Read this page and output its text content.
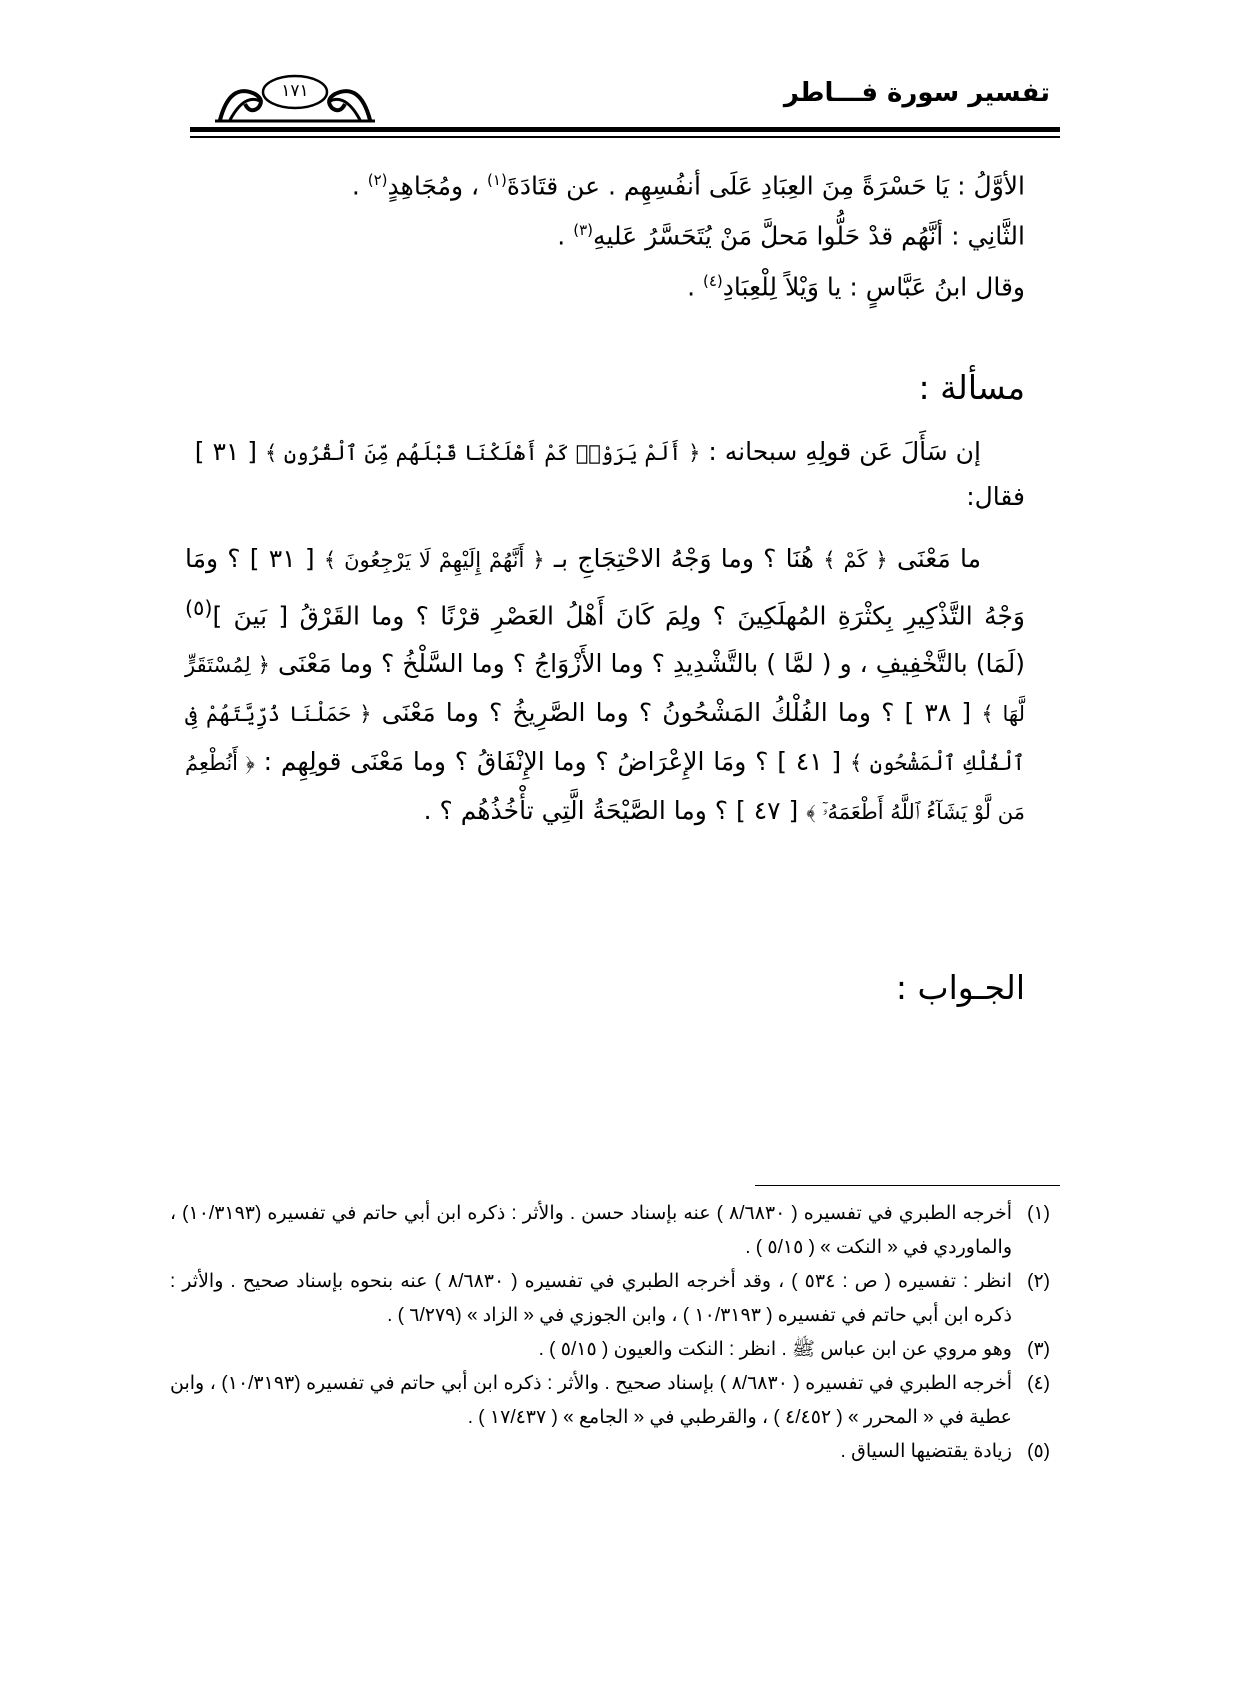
تفسير سورة فـــاطر
١٧١
الأوَّلُ : يَا حَسْرَةً مِنَ العِبَادِ عَلَى أنفُسِهِم . عن قتَادَةَ$^{(١)}$ ، ومُجَاهِدٍ$^{(٢)}$ .
الثَّانِي : أنَّهُم قدْ حَلُّوا مَحلَّ مَنْ يُتَحَسَّرُ عَليهِ$^{(٣)}$ .
وقال ابنُ عَبَّاسٍ : يا وَيْلاً لِلْعِبَادِ$^{(٤)}$ .
مسألة :
إن سَأَلَ عَن قولِهِ سبحانه : ﴿ أَلَمْ يَرَوْا۟ كَمْ أَهْلَكْنَا قَبْلَهُم مِّنَ ٱلْقُرُونِ ﴾ [ ٣١ ]
فقال:
ما مَعْنَى ﴿ كَمْ ﴾ هُنَا ؟ وما وَجْهُ الاحْتِجَاجِ بـ ﴿ أَنَّهُمْ إِلَيْهِمْ لَا يَرْجِعُونَ ﴾ [ ٣١ ] ؟ ومَا وَجْهُ التَّذْكِيرِ بِكثْرَةِ المُهلَكِينَ ؟ ولِمَ كَانَ أَهْلُ العَصْرِ قرْنًا ؟ وما القَرْقُ [ بَينَ ]$^{(٥)}$ (لَمَا) بالتَّخْفِيفِ ، و ( لمَّا ) بالتَّشْدِيدِ ؟ وما الأَزْوَاجُ ؟ وما السَّلْخُ ؟ وما مَعْنَى ﴿ لِمُسْتَقَرٍّ لَّهَا ﴾ [ ٣٨ ] ؟ وما الفُلْكُ المَشْحُونُ ؟ وما الصَّرِيخُ ؟ وما مَعْنَى ﴿ حَمَلْنَا ذُرِّيَّتَهُمْ فِى ٱلْفُلْكِ ٱلْمَشْحُونِ ﴾ [ ٤١ ] ؟ ومَا الإِعْرَاضُ ؟ وما الإِنْفَاقُ ؟ وما مَعْنَى قولِهِم : ﴿ أَنُطْعِمُ مَن لَّوْ يَشَآءُ ٱللَّهُ أَطْعَمَهُۥٓ ﴾ [ ٤٧ ] ؟ وما الصَّيْحَةُ الَّتِي تأْخُذُهُم ؟ .
الجـواب :
(١)
أخرجه الطبري في تفسيره ( ٨/٦٨٣٠ ) عنه بإسناد حسن . والأثر : ذكره ابن أبي حاتم في تفسيره (١٠/٣١٩٣) ، والماوردي في « النكت » ( ٥/١٥ ) .
(٢)
انظر : تفسيره ( ص : ٥٣٤ ) ، وقد أخرجه الطبري في تفسيره ( ٨/٦٨٣٠ ) عنه بنحوه بإسناد صحيح . والأثر : ذكره ابن أبي حاتم في تفسيره ( ١٠/٣١٩٣ ) ، وابن الجوزي في « الزاد » (٦/٢٧٩ ) .
(٣)
وهو مروي عن ابن عباس ﷺ . انظر : النكت والعيون ( ٥/١٥ ) .
(٤)
أخرجه الطبري في تفسيره ( ٨/٦٨٣٠ ) بإسناد صحيح . والأثر : ذكره ابن أبي حاتم في تفسيره (١٠/٣١٩٣) ، وابن عطية في « المحرر » ( ٤/٤٥٢ ) ، والقرطبي في « الجامع » ( ١٧/٤٣٧ ) .
(٥)
زيادة يقتضيها السياق .
